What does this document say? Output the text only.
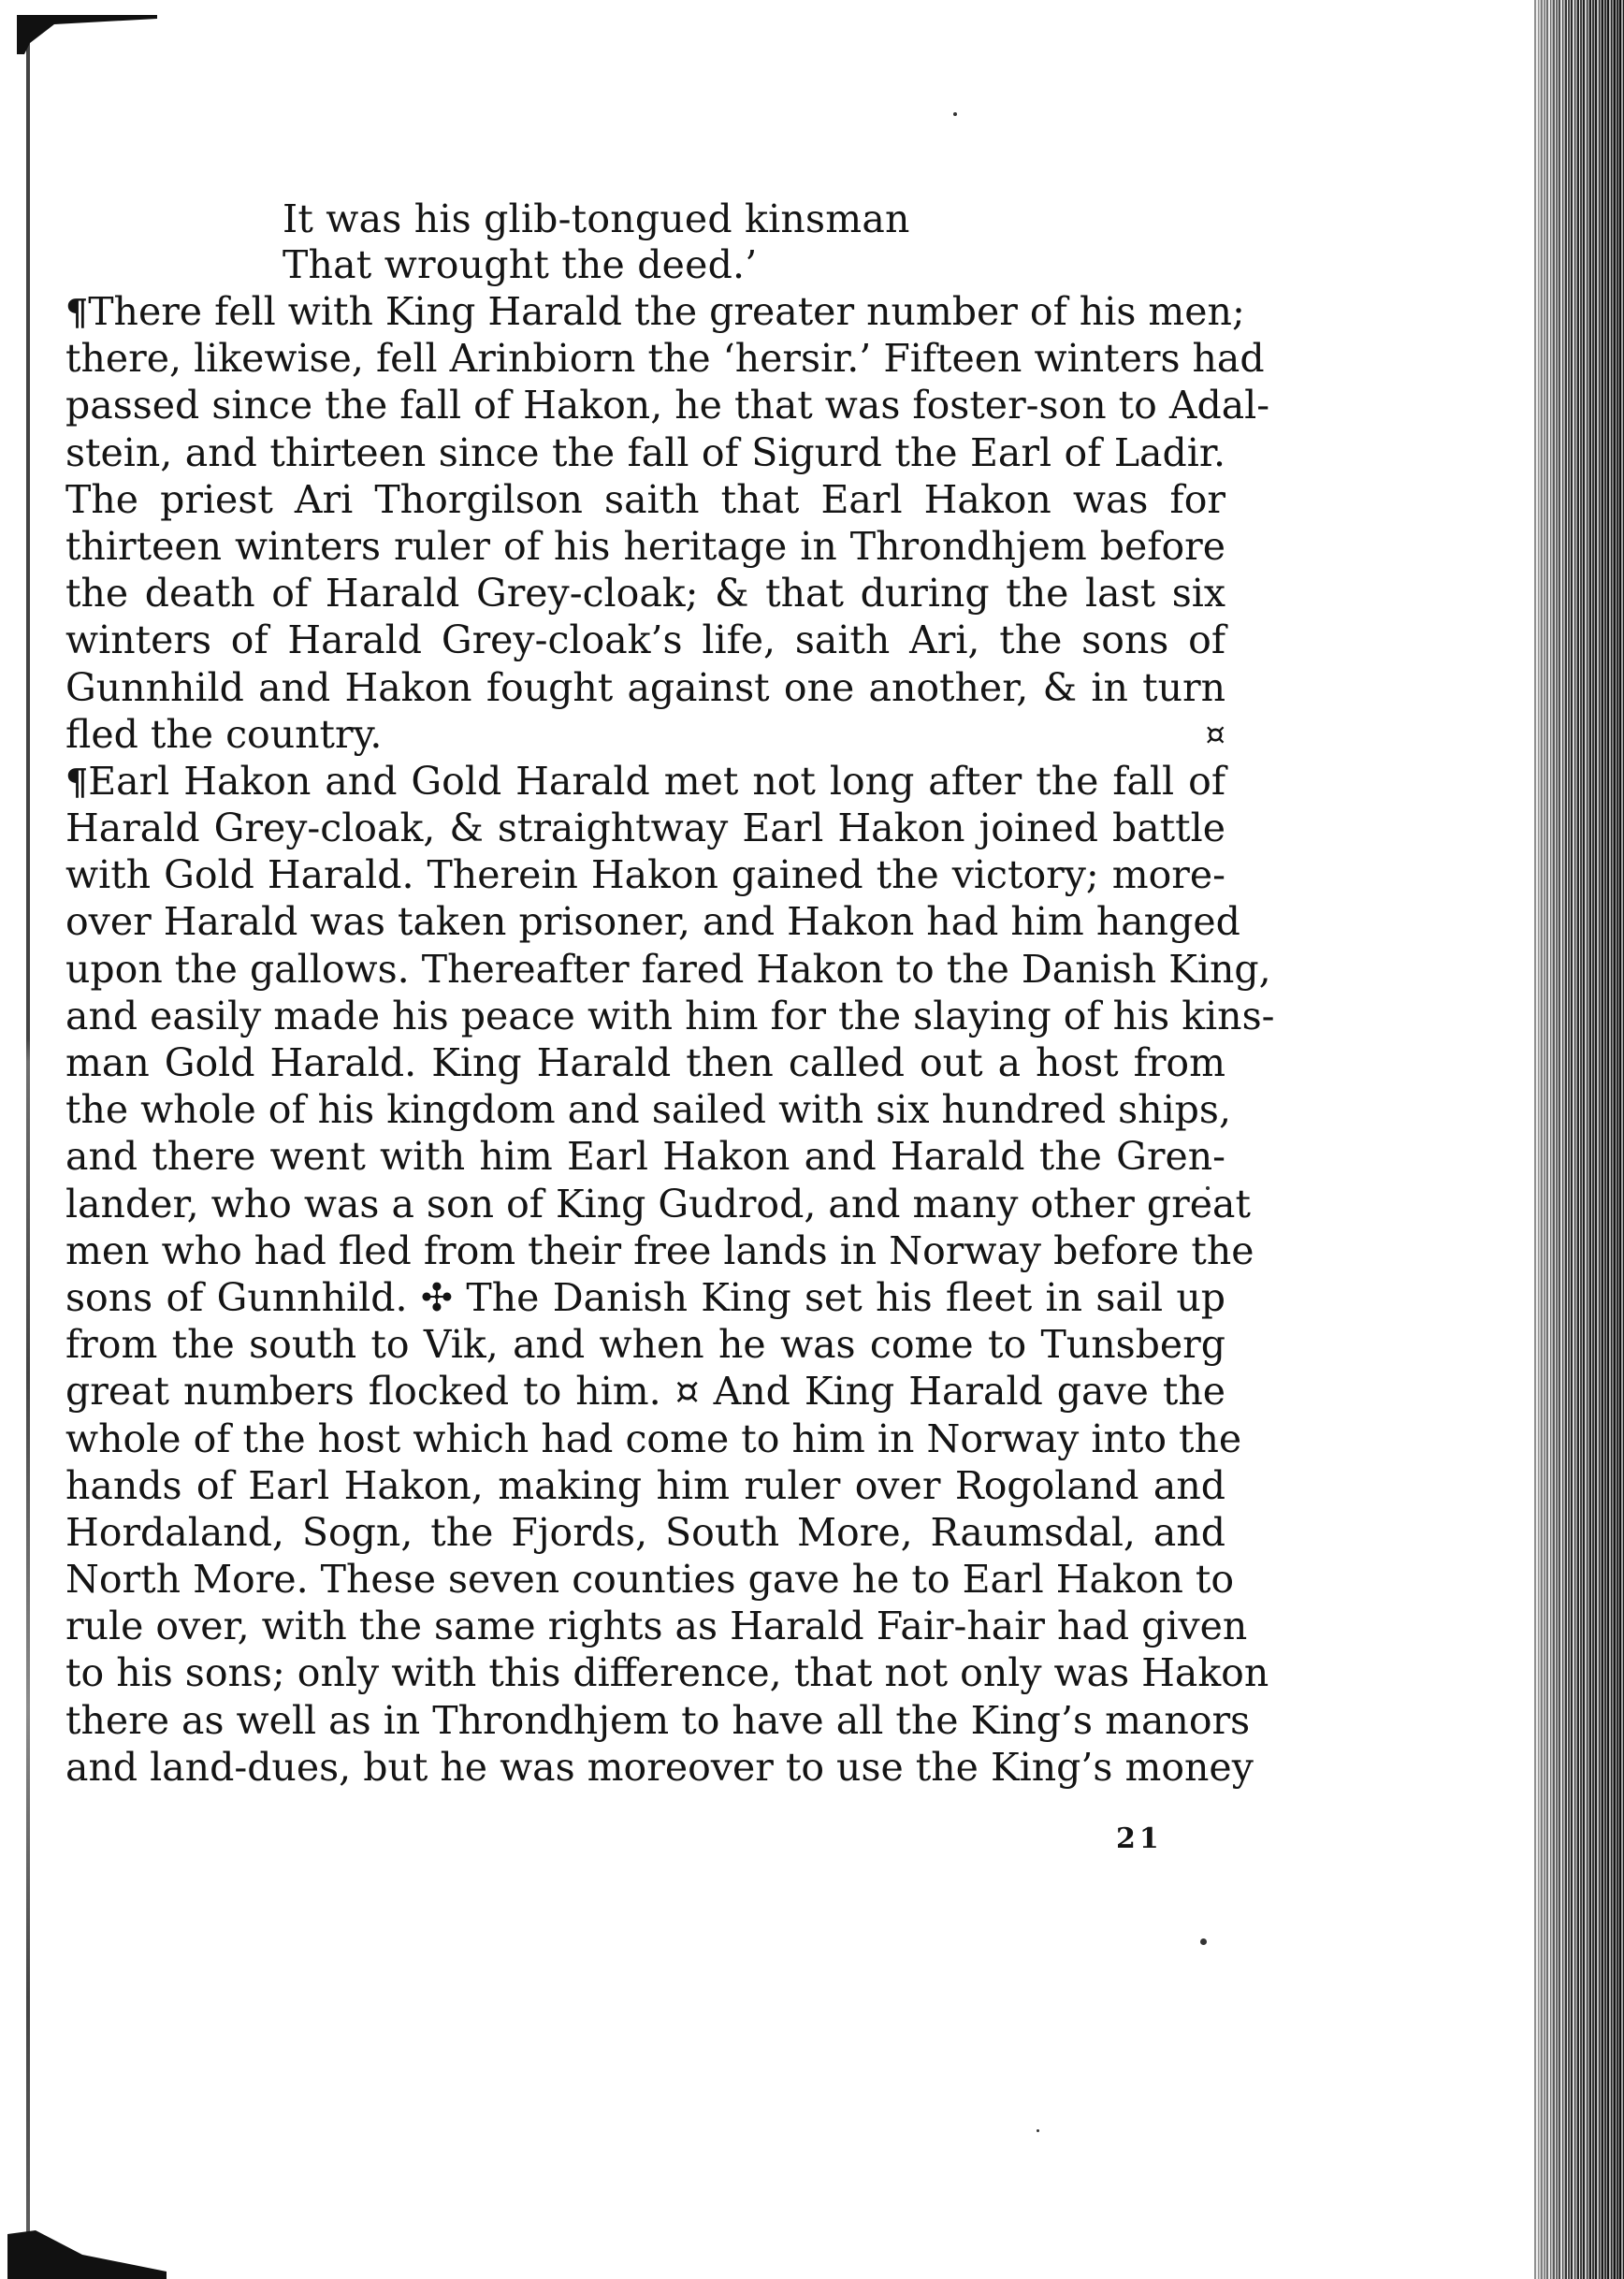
It was his glib-tongued kinsman
That wrought the deed.’
¶There fell with King Harald the greater number of his men;
there, likewise, fell Arinbiorn the ‘hersir.’ Fifteen winters had
passed since the fall of Hakon, he that was foster-son to Adal-
stein, and thirteen since the fall of Sigurd the Earl of Ladir.
The priest Ari Thorgilson saith that Earl Hakon was for
thirteen winters ruler of his heritage in Throndhjem before
the death of Harald Grey-cloak; & that during the last six
winters of Harald Grey-cloak’s life, saith Ari, the sons of
Gunnhild and Hakon fought against one another, & in turn
fled the country.	¤
¶Earl Hakon and Gold Harald met not long after the fall of
Harald Grey-cloak, & straightway Earl Hakon joined battle
with Gold Harald. Therein Hakon gained the victory; more-
over Harald was taken prisoner, and Hakon had him hanged
upon the gallows. Thereafter fared Hakon to the Danish King,
and easily made his peace with him for the slaying of his kins-
man Gold Harald. King Harald then called out a host from
the whole of his kingdom and sailed with six hundred ships,
and there went with him Earl Hakon and Harald the Gren-
lander, who was a son of King Gudrod, and many other great
men who had fled from their free lands in Norway before the
sons of Gunnhild. ✣ The Danish King set his fleet in sail up
from the south to Vik, and when he was come to Tunsberg
great numbers flocked to him. ¤ And King Harald gave the
whole of the host which had come to him in Norway into the
hands of Earl Hakon, making him ruler over Rogoland and
Hordaland, Sogn, the Fjords, South More, Raumsdal, and
North More. These seven counties gave he to Earl Hakon to
rule over, with the same rights as Harald Fair-hair had given
to his sons; only with this difference, that not only was Hakon
there as well as in Throndhjem to have all the King’s manors
and land-dues, but he was moreover to use the King’s money
21
